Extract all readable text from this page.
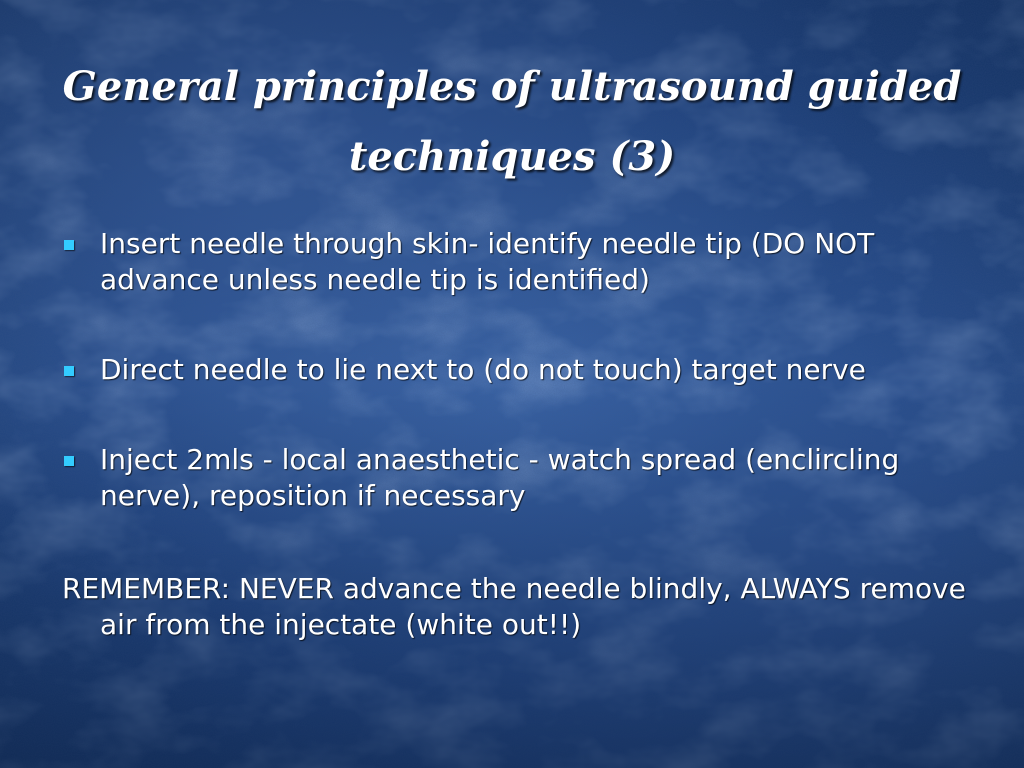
General principles of ultrasound guided techniques (3)
Insert needle through skin- identify needle tip (DO NOT advance unless needle tip is identified)
Direct needle to lie next to (do not touch) target nerve
Inject 2mls - local anaesthetic - watch spread (enclircling nerve), reposition if necessary

REMEMBER: NEVER advance the needle blindly, ALWAYS remove air from the injectate (white out!!)
